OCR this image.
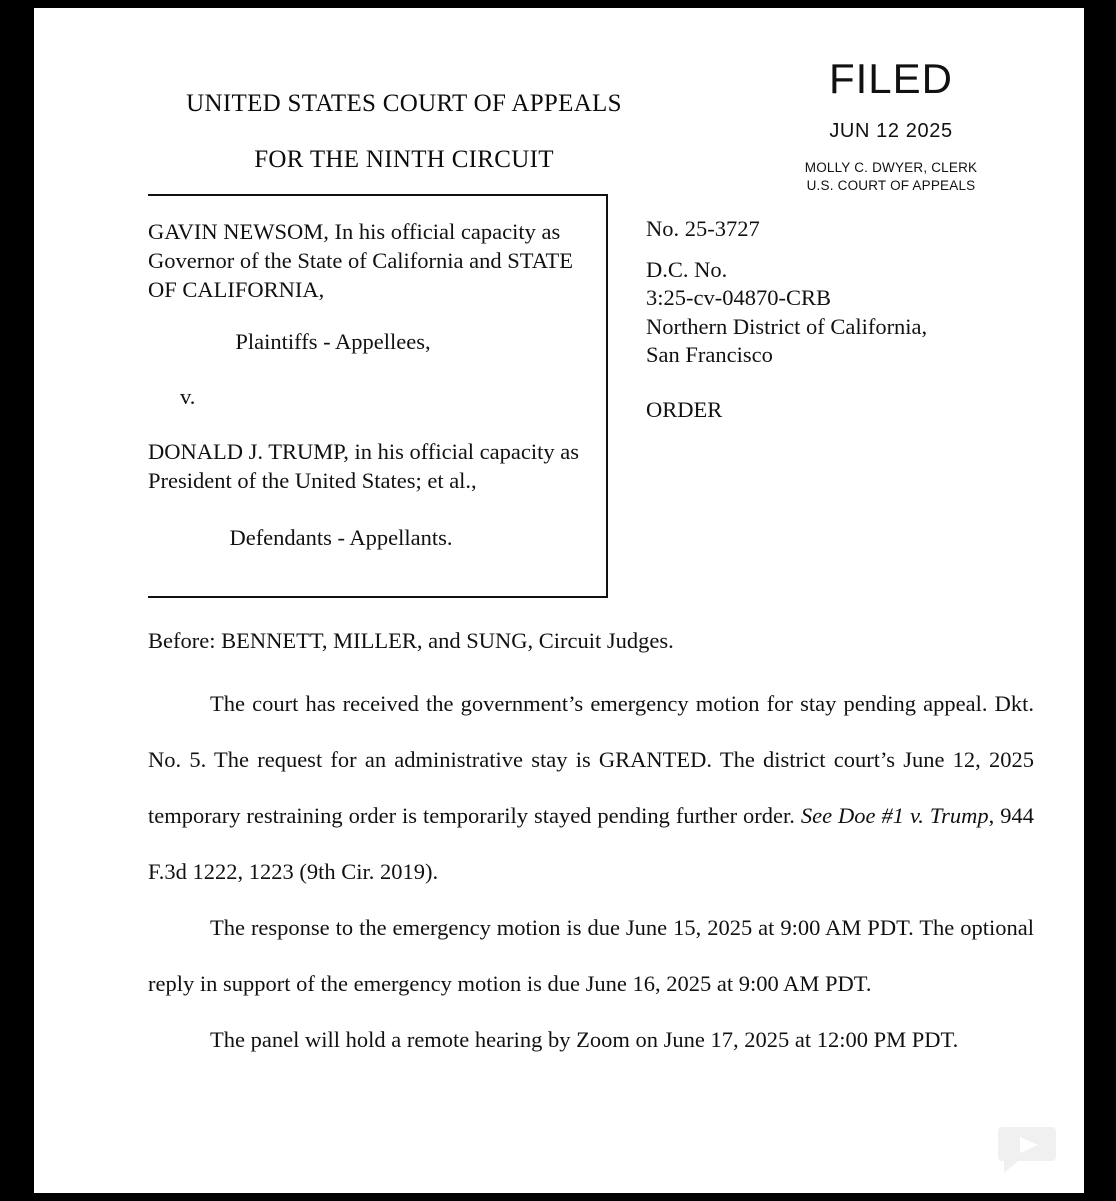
UNITED STATES COURT OF APPEALS
FOR THE NINTH CIRCUIT
FILED
JUN 12 2025
MOLLY C. DWYER, CLERK
U.S. COURT OF APPEALS
GAVIN NEWSOM, In his official capacity as Governor of the State of California and STATE OF CALIFORNIA,
Plaintiffs - Appellees,
v.
DONALD J. TRUMP, in his official capacity as President of the United States; et al.,
Defendants - Appellants.
No. 25-3727
D.C. No.
3:25-cv-04870-CRB
Northern District of California,
San Francisco
ORDER
Before: BENNETT, MILLER, and SUNG, Circuit Judges.

The court has received the government’s emergency motion for stay pending appeal. Dkt. No. 5. The request for an administrative stay is GRANTED. The district court’s June 12, 2025 temporary restraining order is temporarily stayed pending further order. See Doe #1 v. Trump, 944 F.3d 1222, 1223 (9th Cir. 2019).

The response to the emergency motion is due June 15, 2025 at 9:00 AM PDT. The optional reply in support of the emergency motion is due June 16, 2025 at 9:00 AM PDT.

The panel will hold a remote hearing by Zoom on June 17, 2025 at 12:00 PM PDT.
